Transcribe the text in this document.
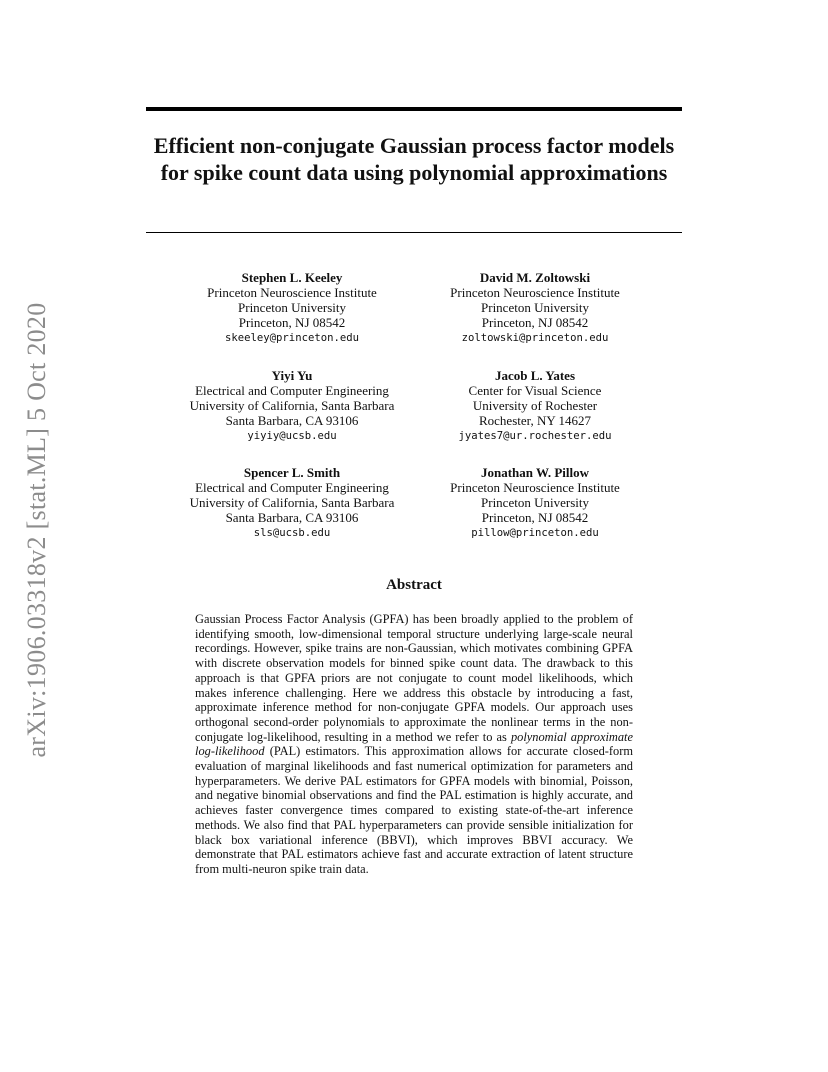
arXiv:1906.03318v2 [stat.ML] 5 Oct 2020
Efficient non-conjugate Gaussian process factor models for spike count data using polynomial approximations
Stephen L. Keeley
Princeton Neuroscience Institute
Princeton University
Princeton, NJ 08542
skeeley@princeton.edu
David M. Zoltowski
Princeton Neuroscience Institute
Princeton University
Princeton, NJ 08542
zoltowski@princeton.edu
Yiyi Yu
Electrical and Computer Engineering
University of California, Santa Barbara
Santa Barbara, CA 93106
yiyiy@ucsb.edu
Jacob L. Yates
Center for Visual Science
University of Rochester
Rochester, NY 14627
jyates7@ur.rochester.edu
Spencer L. Smith
Electrical and Computer Engineering
University of California, Santa Barbara
Santa Barbara, CA 93106
sls@ucsb.edu
Jonathan W. Pillow
Princeton Neuroscience Institute
Princeton University
Princeton, NJ 08542
pillow@princeton.edu
Abstract

Gaussian Process Factor Analysis (GPFA) has been broadly applied to the problem of identifying smooth, low-dimensional temporal structure underlying large-scale neural recordings. However, spike trains are non-Gaussian, which motivates combining GPFA with discrete observation models for binned spike count data. The drawback to this approach is that GPFA priors are not conjugate to count model likelihoods, which makes inference challenging. Here we address this obstacle by introducing a fast, approximate inference method for non-conjugate GPFA models. Our approach uses orthogonal second-order polynomials to approximate the nonlinear terms in the non-conjugate log-likelihood, resulting in a method we refer to as polynomial approximate log-likelihood (PAL) estimators. This approximation allows for accurate closed-form evaluation of marginal likelihoods and fast numerical optimization for parameters and hyperparameters. We derive PAL estimators for GPFA models with binomial, Poisson, and negative binomial observations and find the PAL estimation is highly accurate, and achieves faster convergence times compared to existing state-of-the-art inference methods. We also find that PAL hyperparameters can provide sensible initialization for black box variational inference (BBVI), which improves BBVI accuracy. We demonstrate that PAL estimators achieve fast and accurate extraction of latent structure from multi-neuron spike train data.
